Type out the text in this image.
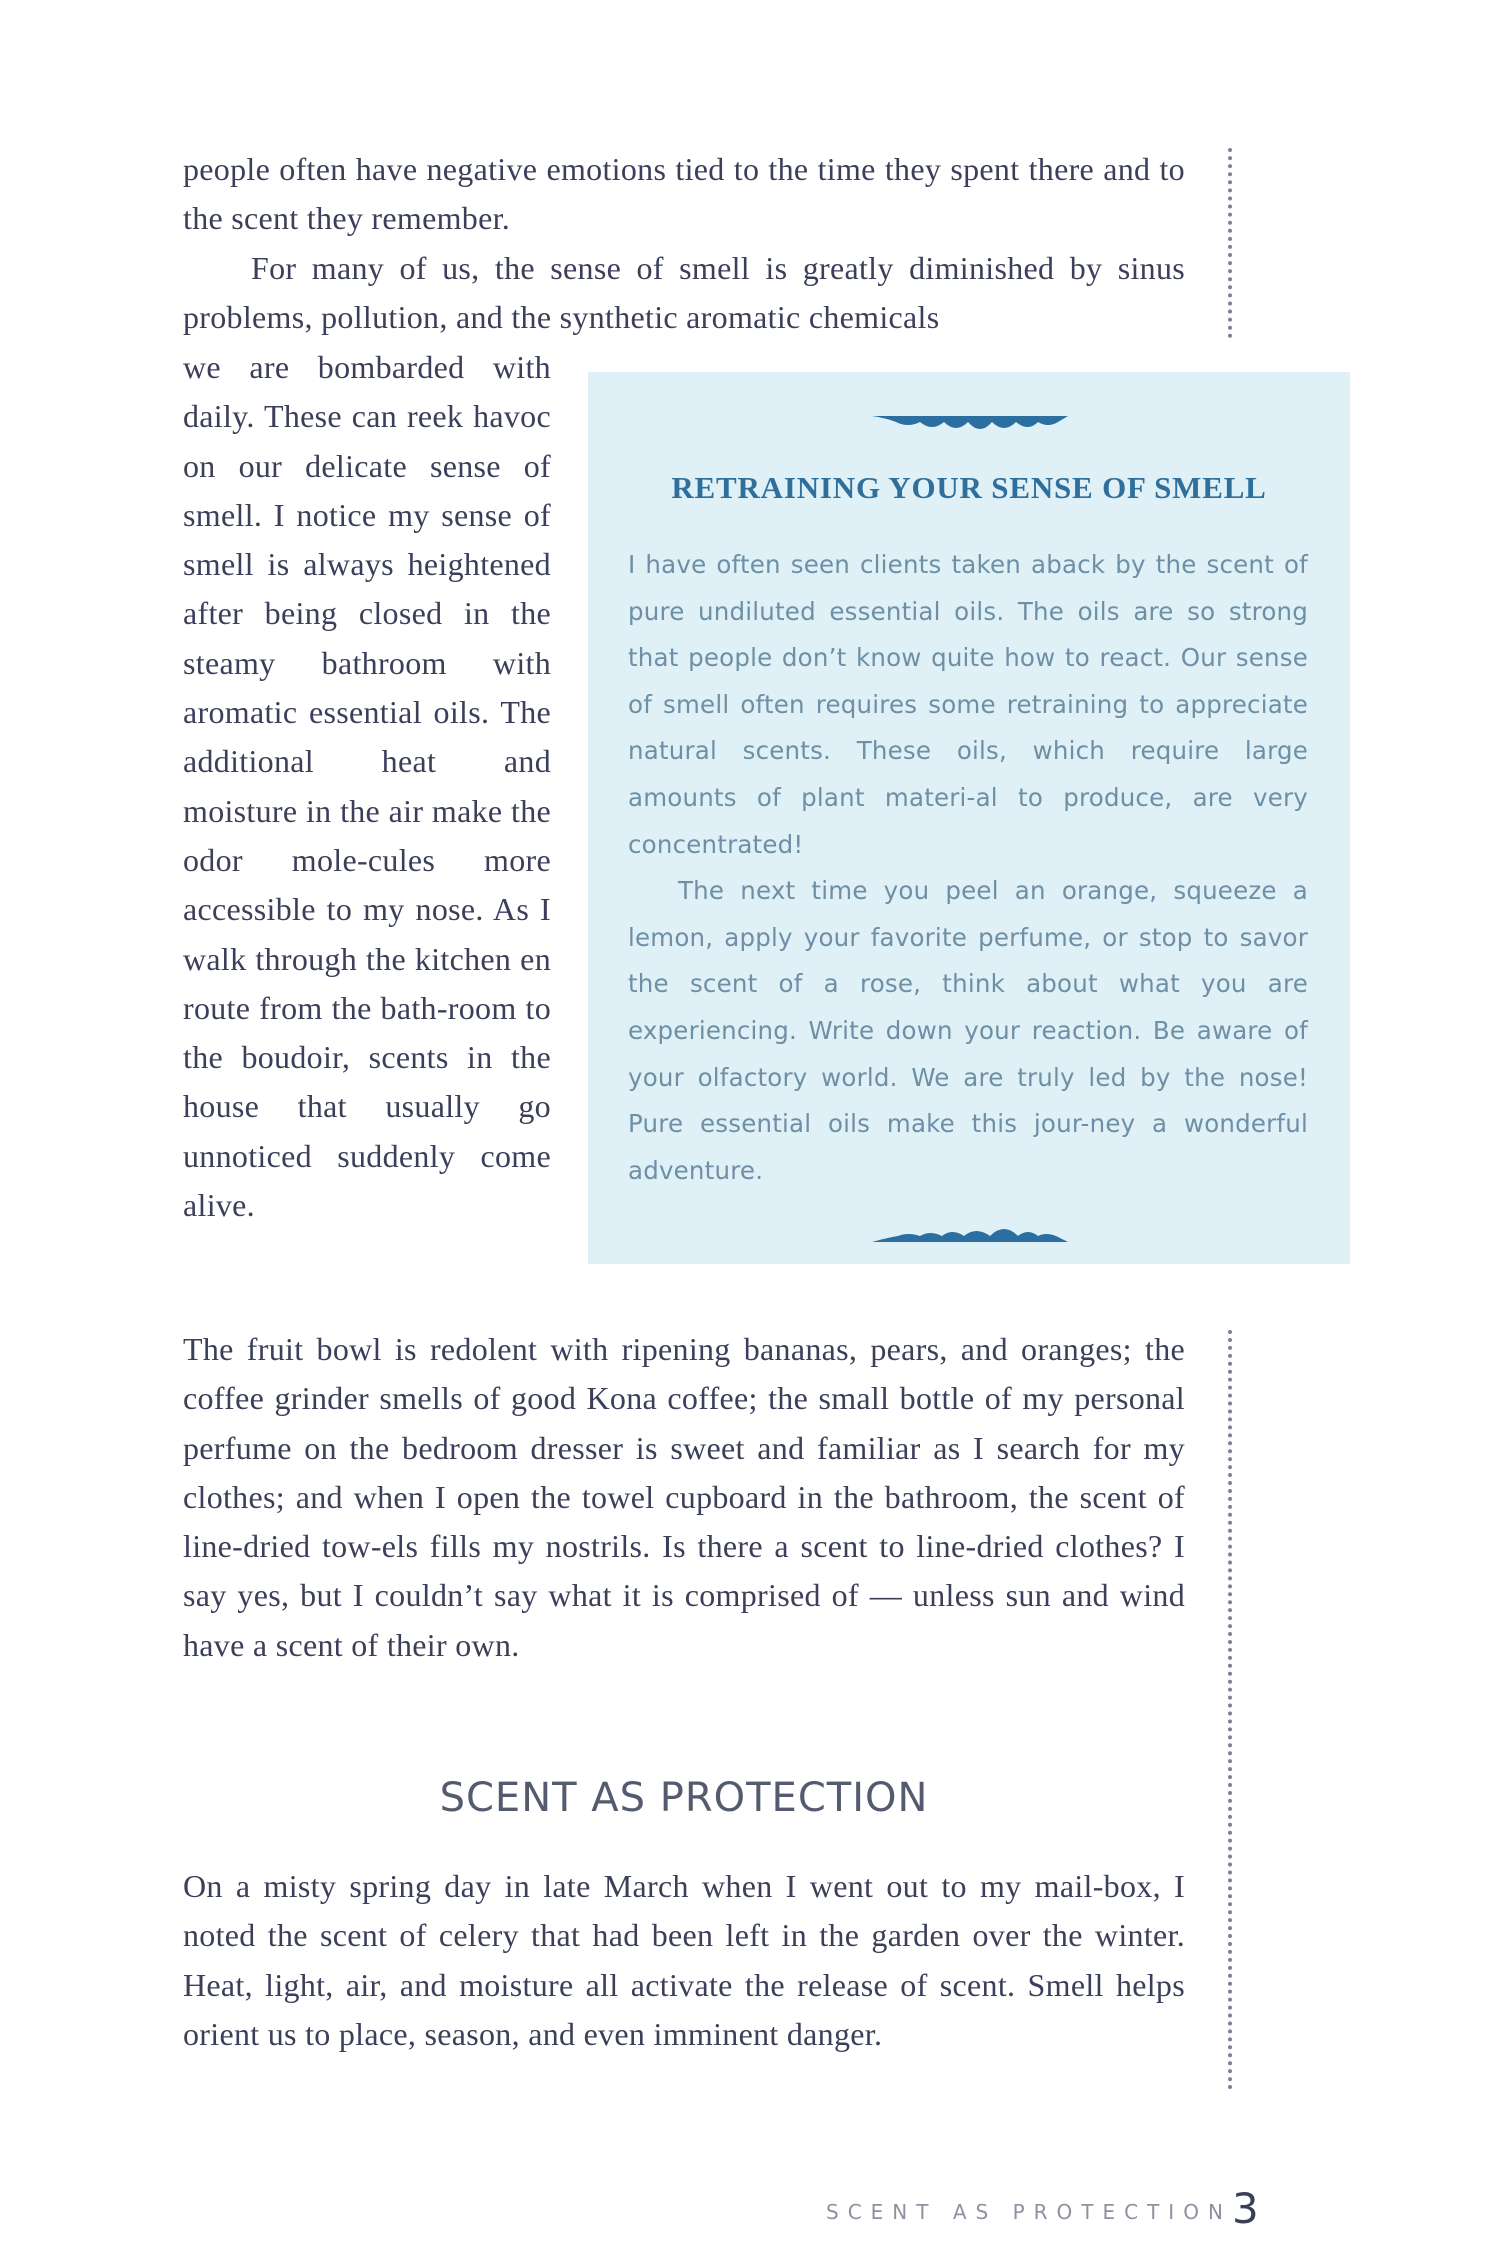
people often have negative emotions tied to the time they spent there and to the scent they remember.

For many of us, the sense of smell is greatly diminished by sinus problems, pollution, and the synthetic aromatic chemicals

we are bombarded with daily. These can reek havoc on our delicate sense of smell. I notice my sense of smell is always heightened after being closed in the steamy bathroom with aromatic essential oils. The additional heat and moisture in the air make the odor mole-cules more accessible to my nose. As I walk through the kitchen en route from the bath-room to the boudoir, scents in the house that usually go unnoticed suddenly come alive.

RETRAINING YOUR SENSE OF SMELL

I have often seen clients taken aback by the scent of pure undiluted essential oils. The oils are so strong that people don’t know quite how to react. Our sense of smell often requires some retraining to appreciate natural scents. These oils, which require large amounts of plant materi-al to produce, are very concentrated!

The next time you peel an orange, squeeze a lemon, apply your favorite perfume, or stop to savor the scent of a rose, think about what you are experiencing. Write down your reaction. Be aware of your olfactory world. We are truly led by the nose! Pure essential oils make this jour-ney a wonderful adventure.

The fruit bowl is redolent with ripening bananas, pears, and oranges; the coffee grinder smells of good Kona coffee; the small bottle of my personal perfume on the bedroom dresser is sweet and familiar as I search for my clothes; and when I open the towel cupboard in the bathroom, the scent of line-dried tow-els fills my nostrils. Is there a scent to line-dried clothes? I say yes, but I couldn’t say what it is comprised of — unless sun and wind have a scent of their own.

SCENT AS PROTECTION

On a misty spring day in late March when I went out to my mail-box, I noted the scent of celery that had been left in the garden over the winter. Heat, light, air, and moisture all activate the release of scent. Smell helps orient us to place, season, and even imminent danger.

SCENT AS PROTECTION 3
